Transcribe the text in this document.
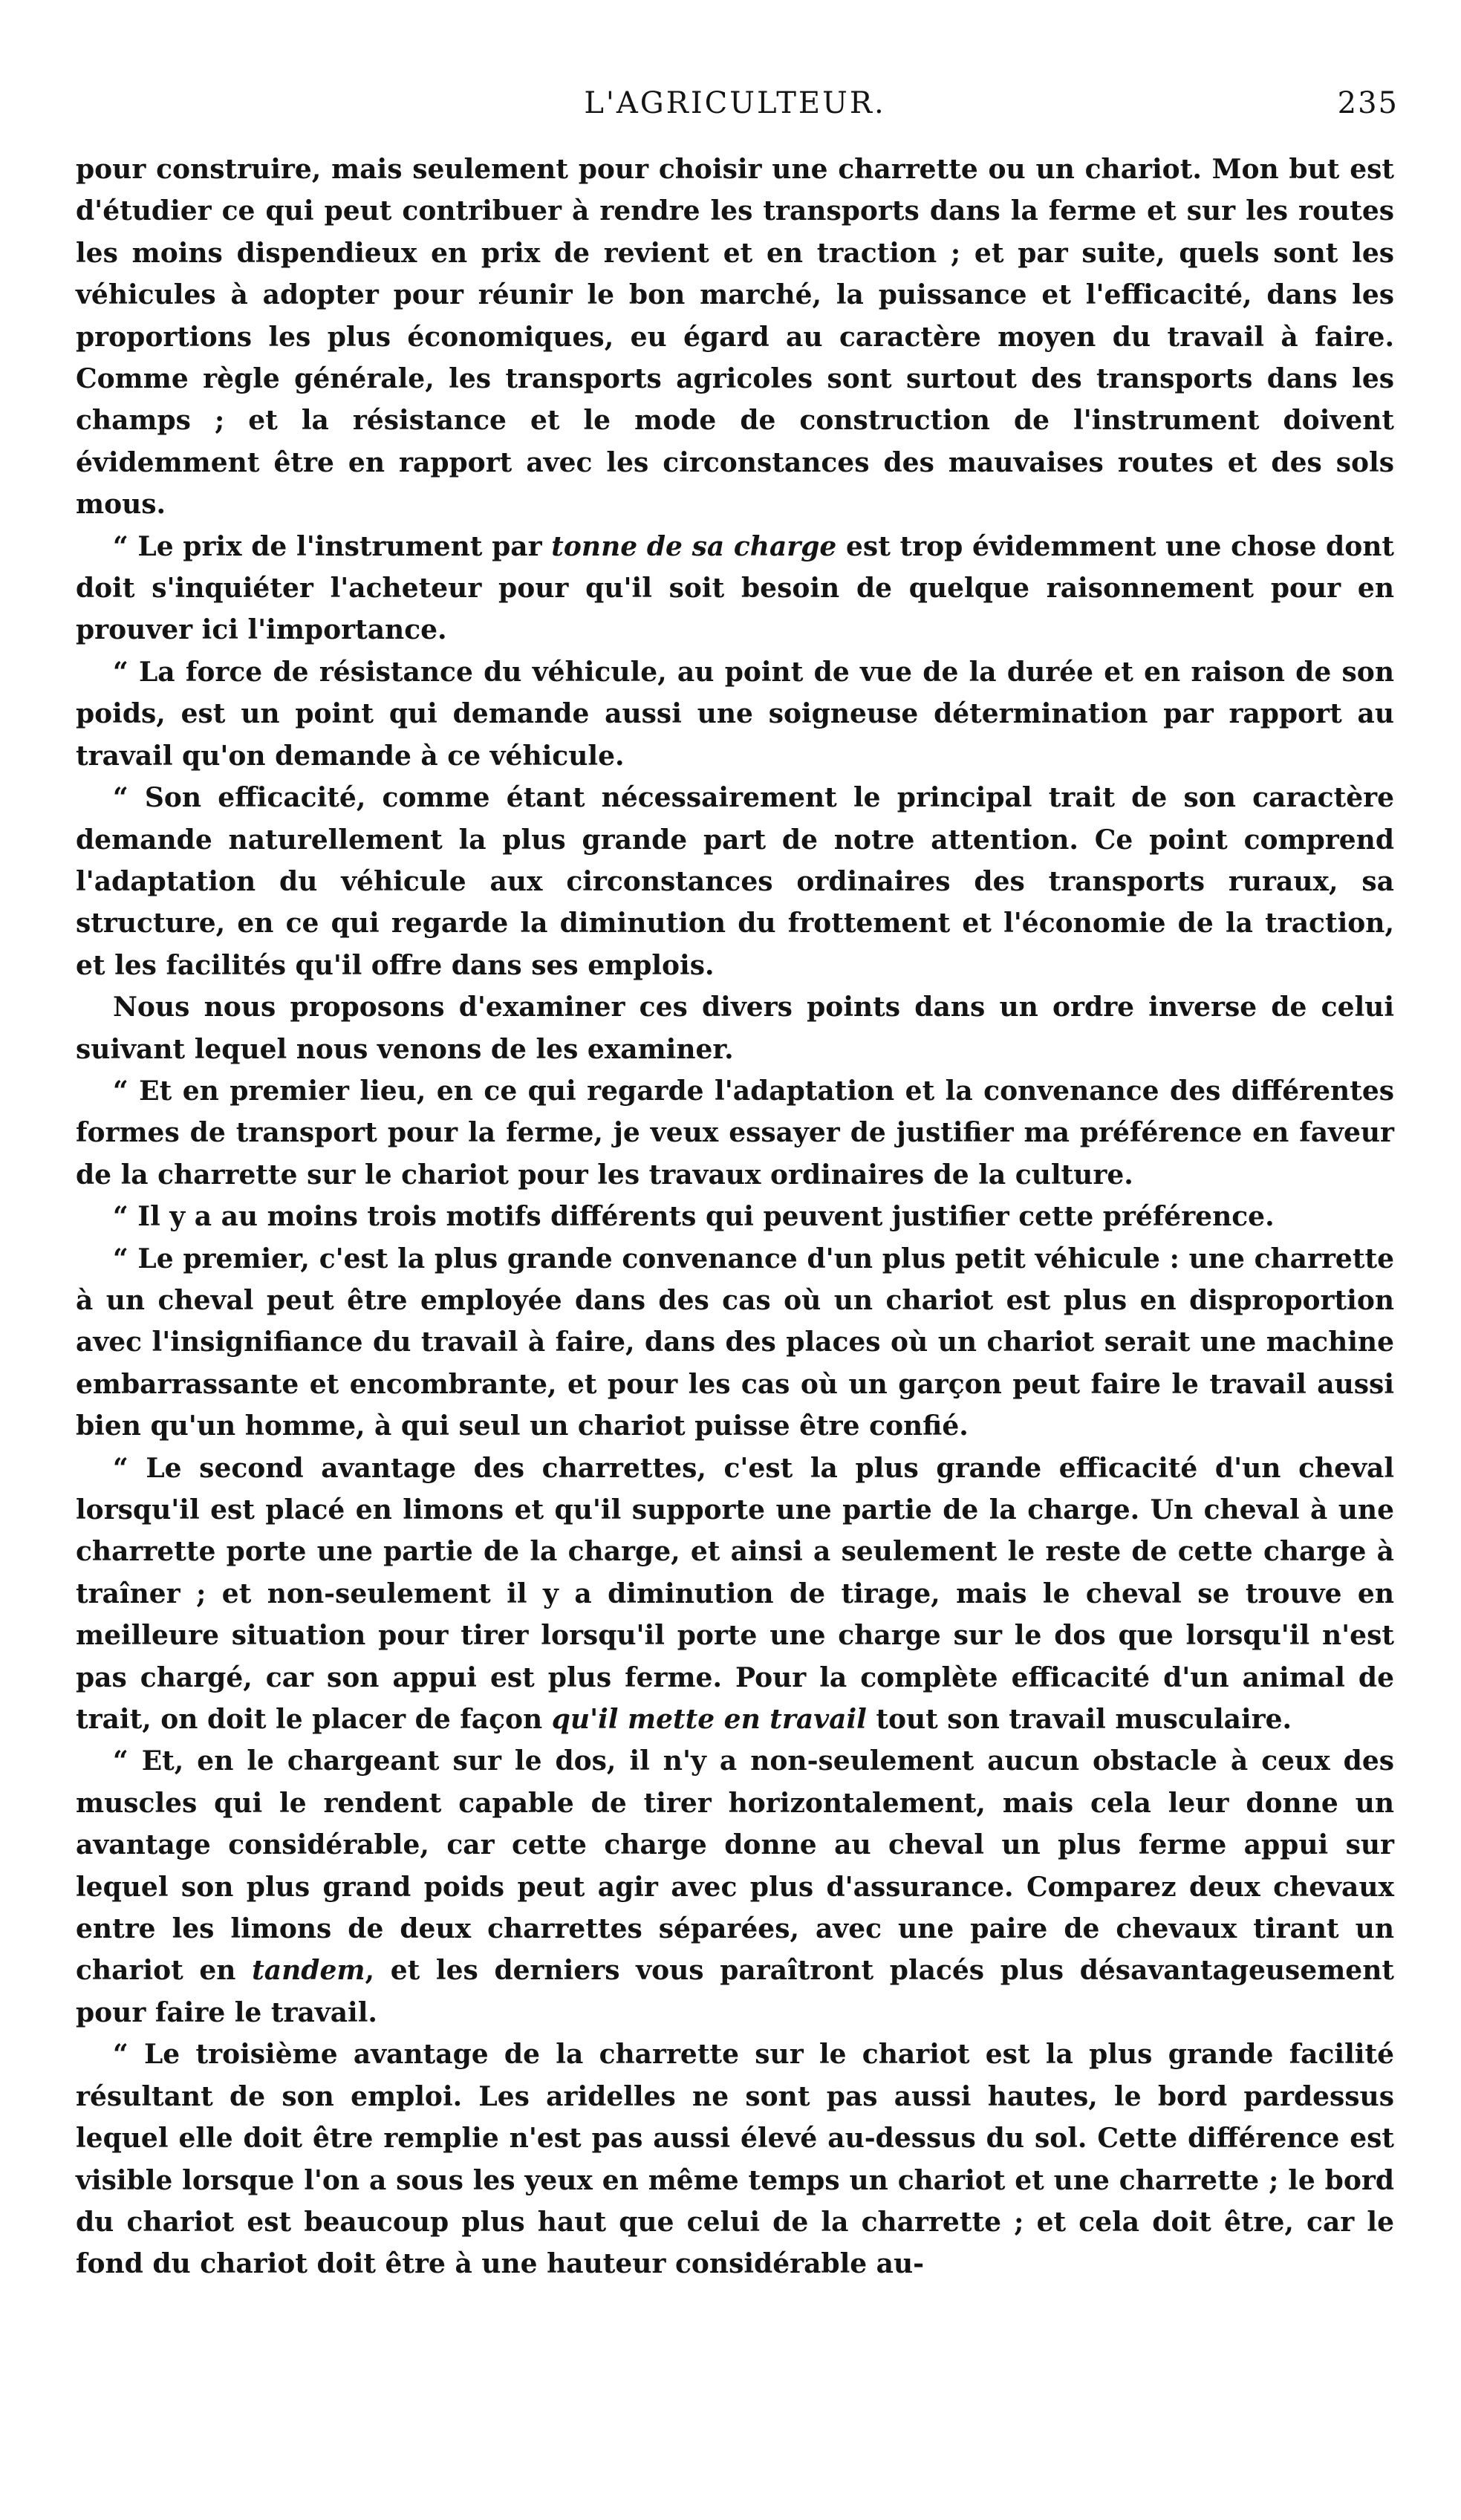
L'AGRICULTEUR.	235

pour construire, mais seulement pour choisir une charrette ou un chariot. Mon but est d'étudier ce qui peut contribuer à rendre les transports dans la ferme et sur les routes les moins dispendieux en prix de revient et en traction ; et par suite, quels sont les véhicules à adopter pour réunir le bon marché, la puissance et l'efficacité, dans les proportions les plus économiques, eu égard au caractère moyen du travail à faire. Comme règle générale, les transports agricoles sont surtout des transports dans les champs ; et la résistance et le mode de construction de l'instrument doivent évidemment être en rapport avec les circonstances des mauvaises routes et des sols mous.

“ Le prix de l'instrument par tonne de sa charge est trop évidemment une chose dont doit s'inquiéter l'acheteur pour qu'il soit besoin de quelque raisonnement pour en prouver ici l'importance.

“ La force de résistance du véhicule, au point de vue de la durée et en raison de son poids, est un point qui demande aussi une soigneuse détermination par rapport au travail qu'on demande à ce véhicule.

“ Son efficacité, comme étant nécessairement le principal trait de son caractère demande naturellement la plus grande part de notre attention. Ce point comprend l'adaptation du véhicule aux circonstances ordinaires des transports ruraux, sa structure, en ce qui regarde la diminution du frottement et l'économie de la traction, et les facilités qu'il offre dans ses emplois.

Nous nous proposons d'examiner ces divers points dans un ordre inverse de celui suivant lequel nous venons de les examiner.

“ Et en premier lieu, en ce qui regarde l'adaptation et la convenance des différentes formes de transport pour la ferme, je veux essayer de justifier ma préférence en faveur de la charrette sur le chariot pour les travaux ordinaires de la culture.

“ Il y a au moins trois motifs différents qui peuvent justifier cette préférence.

“ Le premier, c'est la plus grande convenance d'un plus petit véhicule : une charrette à un cheval peut être employée dans des cas où un chariot est plus en disproportion avec l'insignifiance du travail à faire, dans des places où un chariot serait une machine embarrassante et encombrante, et pour les cas où un garçon peut faire le travail aussi bien qu'un homme, à qui seul un chariot puisse être confié.

“ Le second avantage des charrettes, c'est la plus grande efficacité d'un cheval lorsqu'il est placé en limons et qu'il supporte une partie de la charge. Un cheval à une charrette porte une partie de la charge, et ainsi a seulement le reste de cette charge à traîner ; et non-seulement il y a diminution de tirage, mais le cheval se trouve en meilleure situation pour tirer lorsqu'il porte une charge sur le dos que lorsqu'il n'est pas chargé, car son appui est plus ferme. Pour la complète efficacité d'un animal de trait, on doit le placer de façon qu'il mette en travail tout son travail musculaire.

“ Et, en le chargeant sur le dos, il n'y a non-seulement aucun obstacle à ceux des muscles qui le rendent capable de tirer horizontalement, mais cela leur donne un avantage considérable, car cette charge donne au cheval un plus ferme appui sur lequel son plus grand poids peut agir avec plus d'assurance. Comparez deux chevaux entre les limons de deux charrettes séparées, avec une paire de chevaux tirant un chariot en tandem, et les derniers vous paraîtront placés plus désavantageusement pour faire le travail.

“ Le troisième avantage de la charrette sur le chariot est la plus grande facilité résultant de son emploi. Les aridelles ne sont pas aussi hautes, le bord pardessus lequel elle doit être remplie n'est pas aussi élevé au-dessus du sol. Cette différence est visible lorsque l'on a sous les yeux en même temps un chariot et une charrette ; le bord du chariot est beaucoup plus haut que celui de la charrette ; et cela doit être, car le fond du chariot doit être à une hauteur considérable au-
